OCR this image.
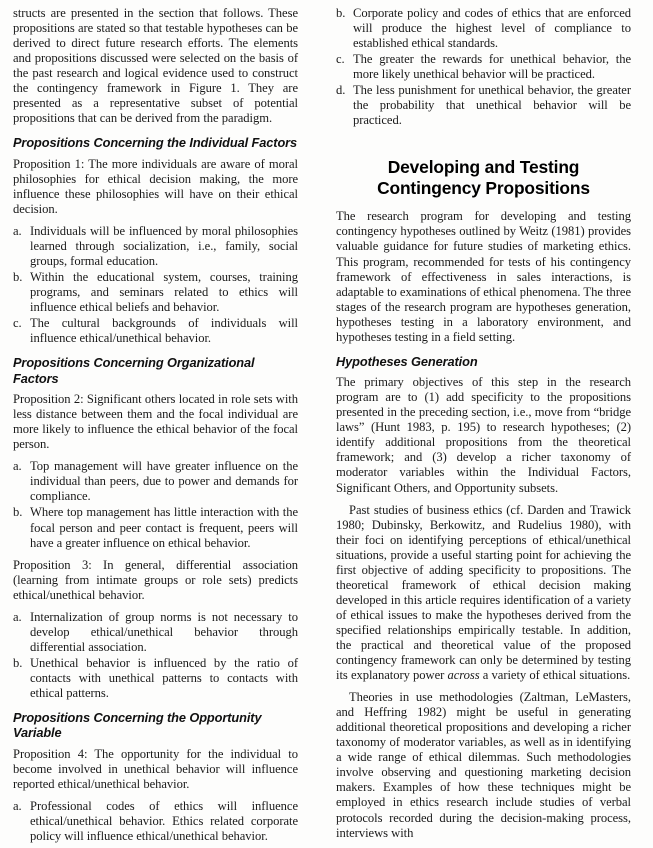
structs are presented in the section that follows. These propositions are stated so that testable hypotheses can be derived to direct future research efforts. The elements and propositions discussed were selected on the basis of the past research and logical evidence used to construct the contingency framework in Figure 1. They are presented as a representative subset of potential propositions that can be derived from the paradigm.

Propositions Concerning the Individual Factors

Proposition 1: The more individuals are aware of moral philosophies for ethical decision making, the more influence these philosophies will have on their ethical decision.

a. Individuals will be influenced by moral philosophies learned through socialization, i.e., family, social groups, formal education.
b. Within the educational system, courses, training programs, and seminars related to ethics will influence ethical beliefs and behavior.
c. The cultural backgrounds of individuals will influence ethical/unethical behavior.
Propositions Concerning Organizational Factors

Proposition 2: Significant others located in role sets with less distance between them and the focal individual are more likely to influence the ethical behavior of the focal person.

a. Top management will have greater influence on the individual than peers, due to power and demands for compliance.
b. Where top management has little interaction with the focal person and peer contact is frequent, peers will have a greater influence on ethical behavior.

Proposition 3: In general, differential association (learning from intimate groups or role sets) predicts ethical/unethical behavior.

a. Internalization of group norms is not necessary to develop ethical/unethical behavior through differential association.
b. Unethical behavior is influenced by the ratio of contacts with unethical patterns to contacts with ethical patterns.
Propositions Concerning the Opportunity Variable

Proposition 4: The opportunity for the individual to become involved in unethical behavior will influence reported ethical/unethical behavior.

a. Professional codes of ethics will influence ethical/unethical behavior. Ethics related corporate policy will influence ethical/unethical behavior.
b. Corporate policy and codes of ethics that are enforced will produce the highest level of compliance to established ethical standards.
c. The greater the rewards for unethical behavior, the more likely unethical behavior will be practiced.
d. The less punishment for unethical behavior, the greater the probability that unethical behavior will be practiced.
Developing and Testing
Contingency Propositions

The research program for developing and testing contingency hypotheses outlined by Weitz (1981) provides valuable guidance for future studies of marketing ethics. This program, recommended for tests of his contingency framework of effectiveness in sales interactions, is adaptable to examinations of ethical phenomena. The three stages of the research program are hypotheses generation, hypotheses testing in a laboratory environment, and hypotheses testing in a field setting.

Hypotheses Generation

The primary objectives of this step in the research program are to (1) add specificity to the propositions presented in the preceding section, i.e., move from “bridge laws” (Hunt 1983, p. 195) to research hypotheses; (2) identify additional propositions from the theoretical framework; and (3) develop a richer taxonomy of moderator variables within the Individual Factors, Significant Others, and Opportunity subsets.

Past studies of business ethics (cf. Darden and Trawick 1980; Dubinsky, Berkowitz, and Rudelius 1980), with their foci on identifying perceptions of ethical/unethical situations, provide a useful starting point for achieving the first objective of adding specificity to propositions. The theoretical framework of ethical decision making developed in this article requires identification of a variety of ethical issues to make the hypotheses derived from the specified relationships empirically testable. In addition, the practical and theoretical value of the proposed contingency framework can only be determined by testing its explanatory power across a variety of ethical situations.

Theories in use methodologies (Zaltman, LeMasters, and Heffring 1982) might be useful in generating additional theoretical propositions and developing a richer taxonomy of moderator variables, as well as in identifying a wide range of ethical dilemmas. Such methodologies involve observing and questioning marketing decision makers. Examples of how these techniques might be employed in ethics research include studies of verbal protocols recorded during the decision-making process, interviews with
